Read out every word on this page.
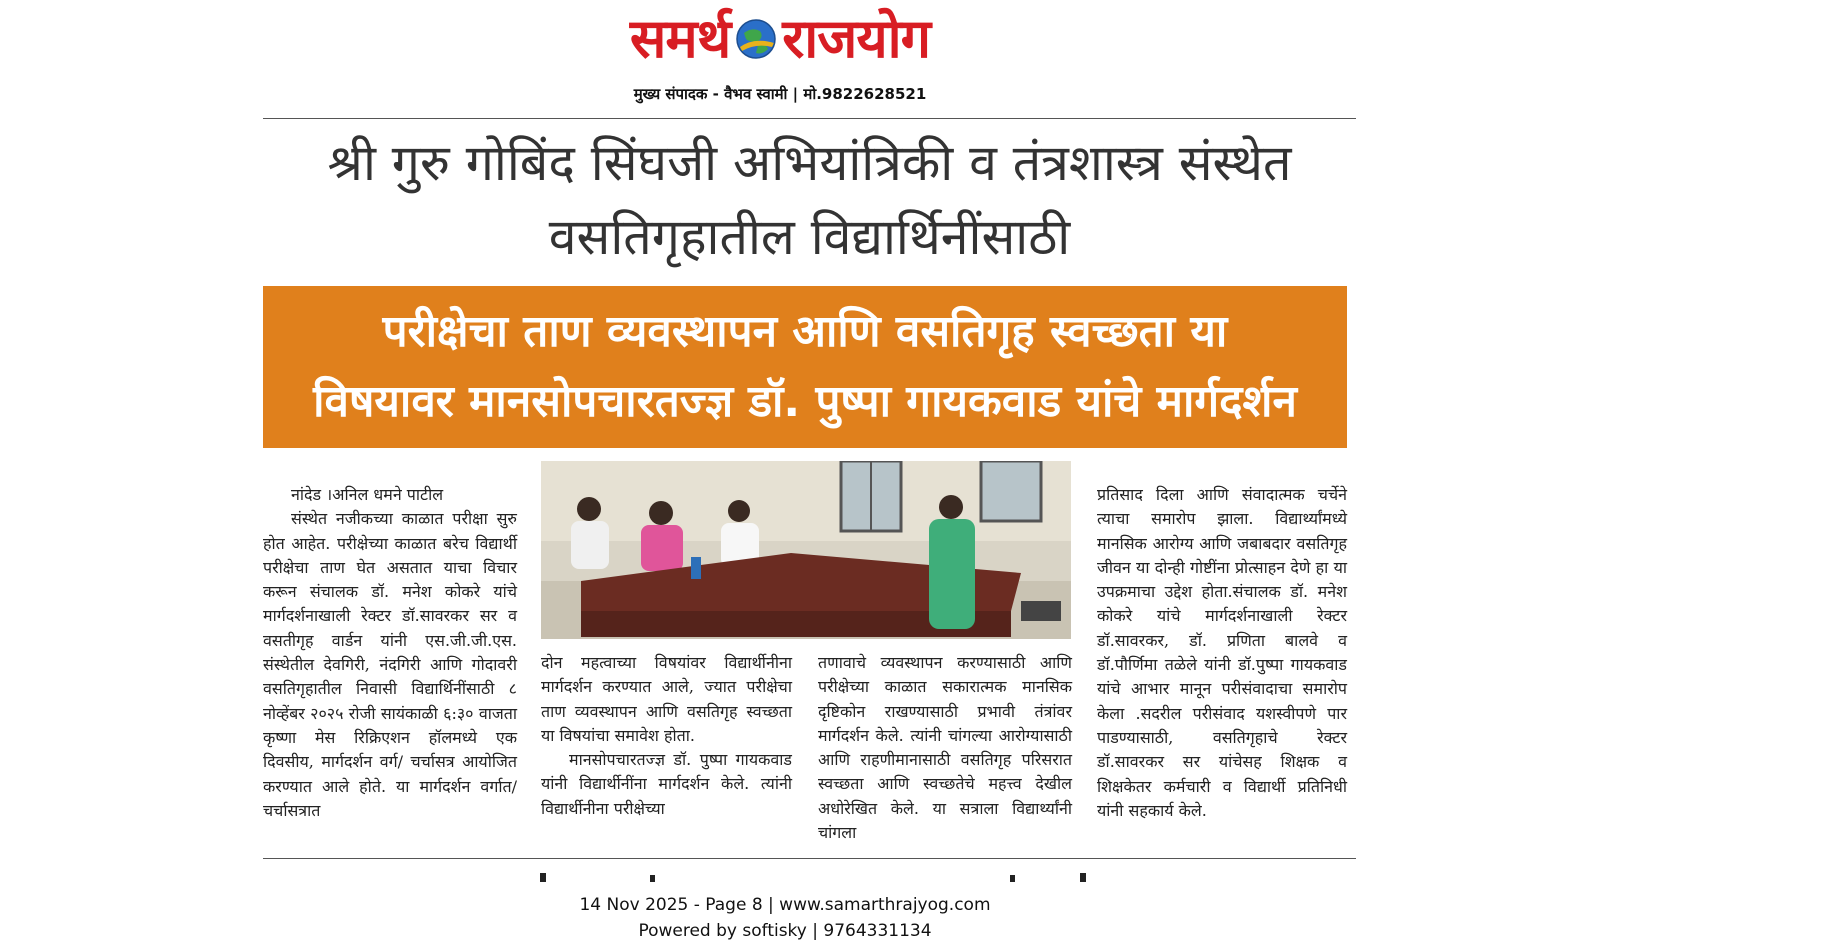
समर्थ राजयोग
मुख्य संपादक - वैभव स्वामी | मो.9822628521
श्री गुरु गोबिंद सिंघजी अभियांत्रिकी व तंत्रशास्त्र संस्थेत
वसतिगृहातील विद्यार्थिनींसाठी
परीक्षेचा ताण व्यवस्थापन आणि वसतिगृह स्वच्छता या
विषयावर मानसोपचारतज्ज्ञ डॉ. पुष्पा गायकवाड यांचे मार्गदर्शन

नांदेड ।अनिल धमने पाटील

संस्थेत नजीकच्या काळात परीक्षा सुरु होत आहेत. परीक्षेच्या काळात बरेच विद्यार्थी परीक्षेचा ताण घेत असतात याचा विचार करून संचालक डॉ. मनेश कोकरे यांचे मार्गदर्शनाखाली रेक्टर डॉ.सावरकर सर व वसतीगृह वार्डन यांनी एस.जी.जी.एस. संस्थेतील देवगिरी, नंदगिरी आणि गोदावरी वसतिगृहातील निवासी विद्यार्थिनींसाठी ८ नोव्हेंबर २०२५ रोजी सायंकाळी ६:३० वाजता कृष्णा मेस रिक्रिएशन हॉलमध्ये एक दिवसीय, मार्गदर्शन वर्ग/ चर्चासत्र आयोजित करण्यात आले होते. या मार्गदर्शन वर्गात/चर्चासत्रात

दोन महत्वाच्या विषयांवर विद्यार्थीनीना मार्गदर्शन करण्यात आले, ज्यात परीक्षेचा ताण व्यवस्थापन आणि वसतिगृह स्वच्छता या विषयांचा समावेश होता.

मानसोपचारतज्ज्ञ डॉ. पुष्पा गायकवाड यांनी विद्यार्थीनींना मार्गदर्शन केले. त्यांनी विद्यार्थीनीना परीक्षेच्या

तणावाचे व्यवस्थापन करण्यासाठी आणि परीक्षेच्या काळात सकारात्मक मानसिक दृष्टिकोन राखण्यासाठी प्रभावी तंत्रांवर मार्गदर्शन केले. त्यांनी चांगल्या आरोग्यासाठी आणि राहणीमानासाठी वसतिगृह परिसरात स्वच्छता आणि स्वच्छतेचे महत्त्व देखील अधोरेखित केले. या सत्राला विद्यार्थ्यांनी चांगला

प्रतिसाद दिला आणि संवादात्मक चर्चेने त्याचा समारोप झाला. विद्यार्थ्यांमध्ये मानसिक आरोग्य आणि जबाबदार वसतिगृह जीवन या दोन्ही गोष्टींना प्रोत्साहन देणे हा या उपक्रमाचा उद्देश होता.संचालक डॉ. मनेश कोकरे यांचे मार्गदर्शनाखाली रेक्टर डॉ.सावरकर, डॉ. प्रणिता बालवे व डॉ.पौर्णिमा तळेले यांनी डॉ.पुष्पा गायकवाड यांचे आभार मानून परीसंवादाचा समारोप केला .सदरील परीसंवाद यशस्वीपणे पार पाडण्यासाठी, वसतिगृहाचे रेक्टर डॉ.सावरकर सर यांचेसह शिक्षक व शिक्षकेतर कर्मचारी व विद्यार्थी प्रतिनिधी यांनी सहकार्य केले.

14 Nov 2025 - Page 8 | www.samarthrajyog.com
Powered by softisky | 9764331134
